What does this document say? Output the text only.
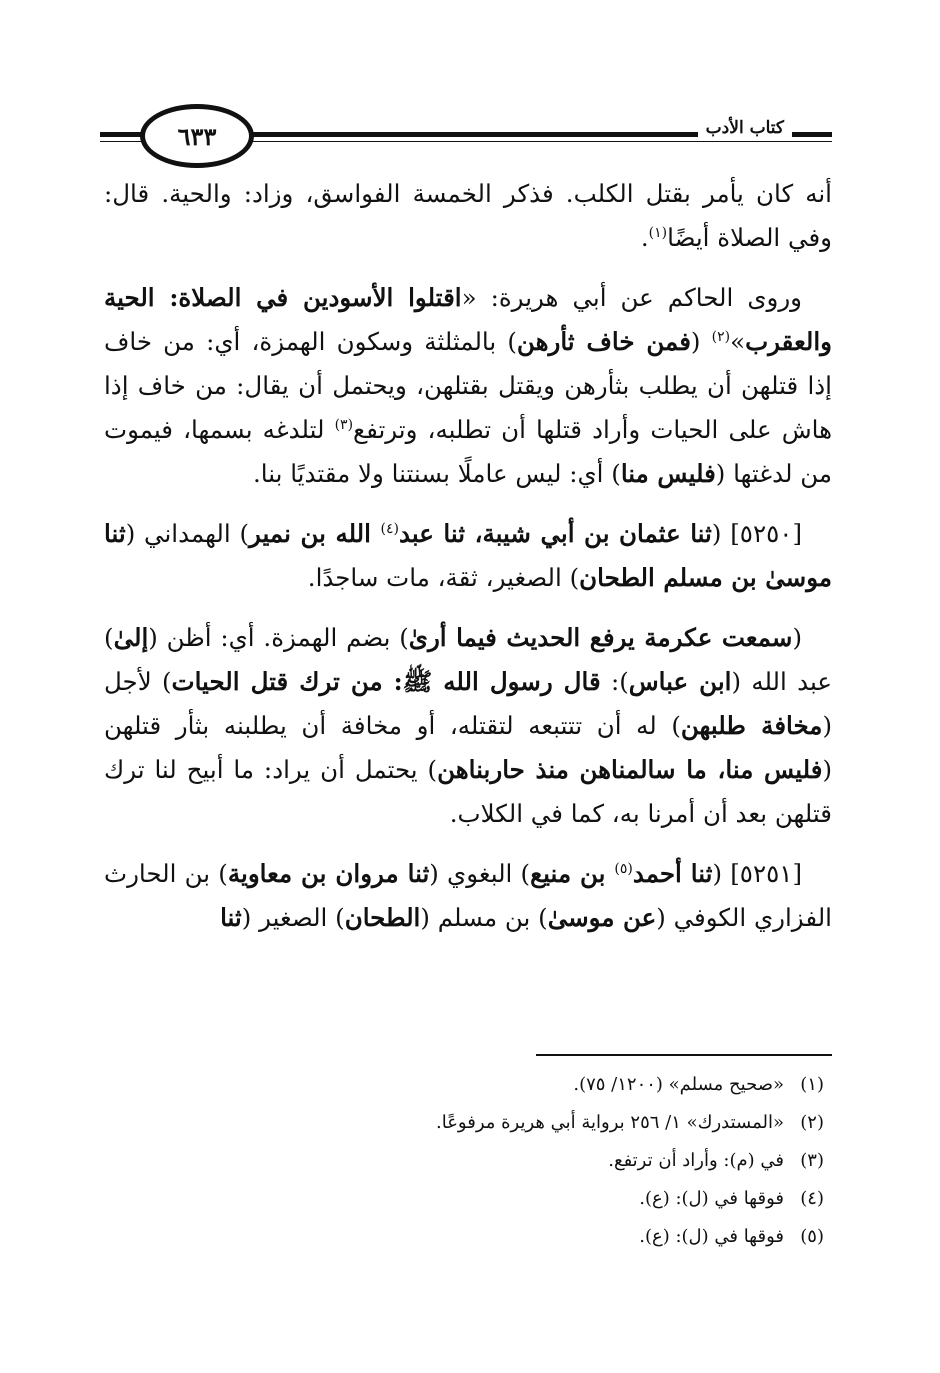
٦٣٣	كتاب الأدب

أنه كان يأمر بقتل الكلب. فذكر الخمسة الفواسق، وزاد: والحية. قال: وفي الصلاة أيضًا$^{(١)}$.

وروى الحاكم عن أبي هريرة: «اقتلوا الأسودين في الصلاة: الحية والعقرب»$^{(٢)}$ (فمن خاف ثأرهن) بالمثلثة وسكون الهمزة، أي: من خاف إذا قتلهن أن يطلب بثأرهن ويقتل بقتلهن، ويحتمل أن يقال: من خاف إذا هاش على الحيات وأراد قتلها أن تطلبه، وترتفع$^{(٣)}$ لتلدغه بسمها، فيموت من لدغتها (فليس منا) أي: ليس عاملًا بسنتنا ولا مقتديًا بنا.

[٥٢٥٠] (ثنا عثمان بن أبي شيبة، ثنا عبد$^{(٤)}$ الله بن نمير) الهمداني (ثنا موسىٰ بن مسلم الطحان) الصغير، ثقة، مات ساجدًا.

(سمعت عكرمة يرفع الحديث فيما أرىٰ) بضم الهمزة. أي: أظن (إلىٰ) عبد الله (ابن عباس): قال رسول الله ﷺ: من ترك قتل الحيات) لأجل (مخافة طلبهن) له أن تتتبعه لتقتله، أو مخافة أن يطلبنه بثأر قتلهن (فليس منا، ما سالمناهن منذ حاربناهن) يحتمل أن يراد: ما أبيح لنا ترك قتلهن بعد أن أمرنا به، كما في الكلاب.

[٥٢٥١] (ثنا أحمد$^{(٥)}$ بن منيع) البغوي (ثنا مروان بن معاوية) بن الحارث الفزاري الكوفي (عن موسىٰ) بن مسلم (الطحان) الصغير (ثنا

(١)«صحيح مسلم» (١٢٠٠/ ٧٥).
(٢)«المستدرك» ١/ ٢٥٦ برواية أبي هريرة مرفوعًا.
(٣)في (م): وأراد أن ترتفع.
(٤)فوقها في (ل): (ع).
(٥)فوقها في (ل): (ع).
